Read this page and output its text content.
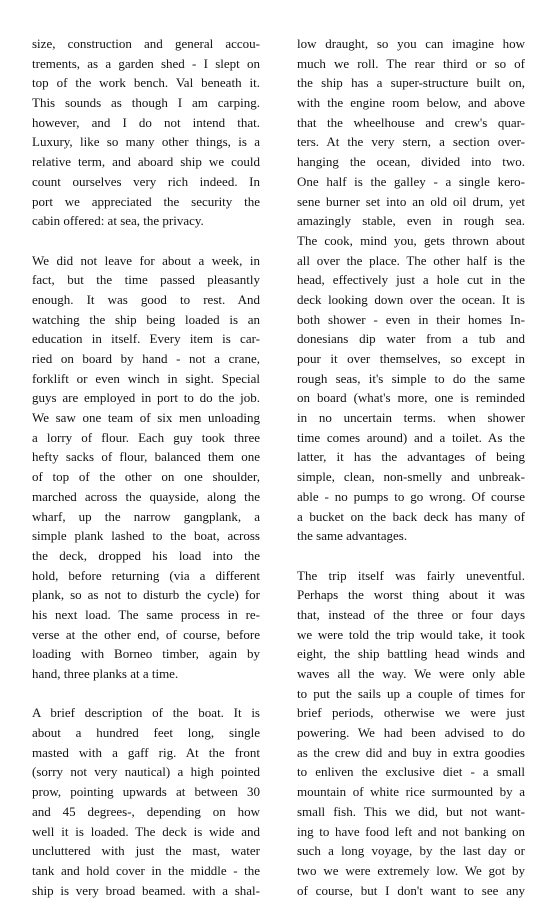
size, construction and general accou-
trements, as a garden shed - I slept on
top of the work bench. Val beneath it.
This sounds as though I am carping.
however, and I do not intend that.
Luxury, like so many other things, is a
relative term, and aboard ship we could
count ourselves very rich indeed. In
port we appreciated the security the
cabin offered: at sea, the privacy.
We did not leave for about a week, in
fact, but the time passed pleasantly
enough. It was good to rest. And
watching the ship being loaded is an
education in itself. Every item is car-
ried on board by hand - not a crane,
forklift or even winch in sight. Special
guys are employed in port to do the job.
We saw one team of six men unloading
a lorry of flour. Each guy took three
hefty sacks of flour, balanced them one
of top of the other on one shoulder,
marched across the quayside, along the
wharf, up the narrow gangplank, a
simple plank lashed to the boat, across
the deck, dropped his load into the
hold, before returning (via a different
plank, so as not to disturb the cycle) for
his next load. The same process in re-
verse at the other end, of course, before
loading with Borneo timber, again by
hand, three planks at a time.
A brief description of the boat. It is
about a hundred feet long, single
masted with a gaff rig. At the front
(sorry not very nautical) a high pointed
prow, pointing upwards at between 30
and 45 degrees-, depending on how
well it is loaded. The deck is wide and
uncluttered with just the mast, water
tank and hold cover in the middle - the
ship is very broad beamed. with a shal-
low draught, so you can imagine how
much we roll. The rear third or so of
the ship has a super-structure built on,
with the engine room below, and above
that the wheelhouse and crew's quar-
ters. At the very stern, a section over-
hanging the ocean, divided into two.
One half is the galley - a single kero-
sene burner set into an old oil drum, yet
amazingly stable, even in rough sea.
The cook, mind you, gets thrown about
all over the place. The other half is the
head, effectively just a hole cut in the
deck looking down over the ocean. It is
both shower - even in their homes In-
donesians dip water from a tub and
pour it over themselves, so except in
rough seas, it's simple to do the same
on board (what's more, one is reminded
in no uncertain terms. when shower
time comes around) and a toilet. As the
latter, it has the advantages of being
simple, clean, non-smelly and unbreak-
able - no pumps to go wrong. Of course
a bucket on the back deck has many of
the same advantages.
The trip itself was fairly uneventful.
Perhaps the worst thing about it was
that, instead of the three or four days
we were told the trip would take, it took
eight, the ship battling head winds and
waves all the way. We were only able
to put the sails up a couple of times for
brief periods, otherwise we were just
powering. We had been advised to do
as the crew did and buy in extra goodies
to enliven the exclusive diet - a small
mountain of white rice surmounted by a
small fish. This we did, but not want-
ing to have food left and not banking on
such a long voyage, by the last day or
two we were extremely low. We got by
of course, but I don't want to see any
